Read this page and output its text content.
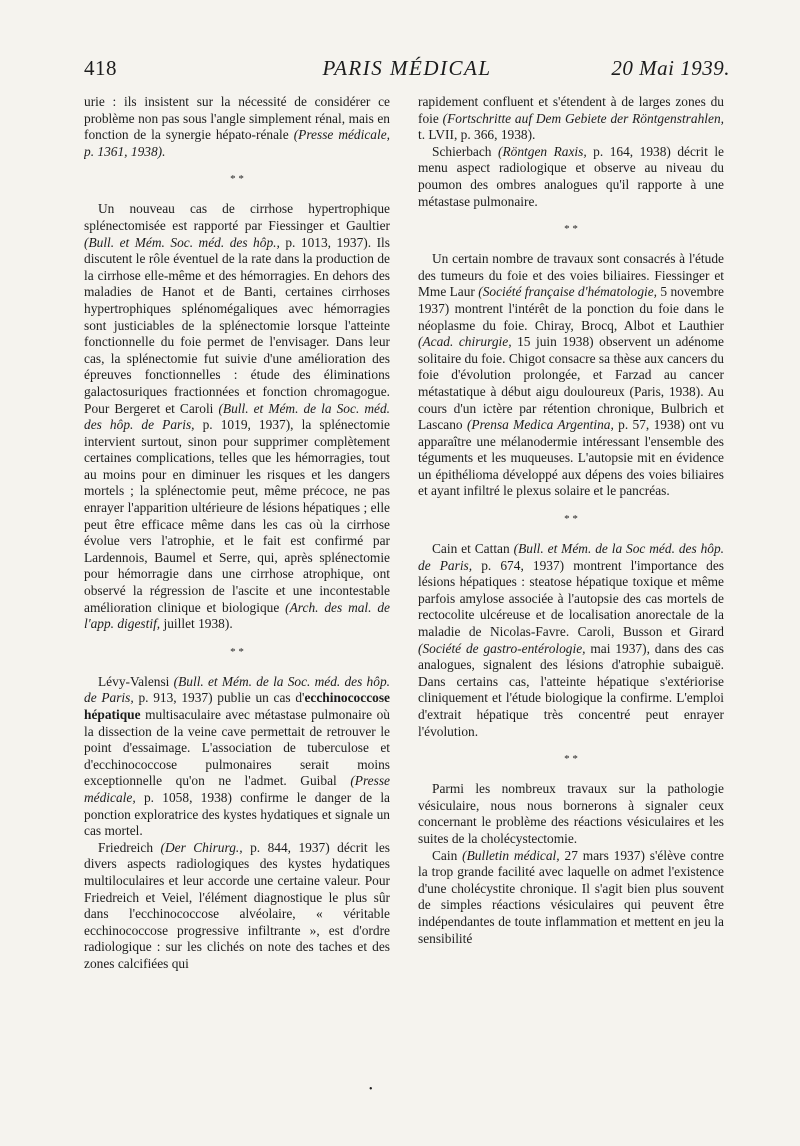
418	PARIS MÉDICAL	20 Mai 1939.

urie : ils insistent sur la nécessité de considérer ce problème non pas sous l'angle simplement rénal, mais en fonction de la synergie hépato-rénale (Presse médicale, p. 1361, 1938).

* *

Un nouveau cas de cirrhose hypertrophique splénectomisée est rapporté par Fiessinger et Gaultier (Bull. et Mém. Soc. méd. des hôp., p. 1013, 1937). Ils discutent le rôle éventuel de la rate dans la production de la cirrhose elle-même et des hémorragies. En dehors des maladies de Hanot et de Banti, certaines cirrhoses hypertrophiques splénomégaliques avec hémorragies sont justiciables de la splénectomie lorsque l'atteinte fonctionnelle du foie permet de l'envisager. Dans leur cas, la splénectomie fut suivie d'une amélioration des épreuves fonctionnelles : étude des éliminations galactosuriques fractionnées et fonction chromagogue. Pour Bergeret et Caroli (Bull. et Mém. de la Soc. méd. des hôp. de Paris, p. 1019, 1937), la splénectomie intervient surtout, sinon pour supprimer complètement certaines complications, telles que les hémorragies, tout au moins pour en diminuer les risques et les dangers mortels ; la splénectomie peut, même précoce, ne pas enrayer l'apparition ultérieure de lésions hépatiques ; elle peut être efficace même dans les cas où la cirrhose évolue vers l'atrophie, et le fait est confirmé par Lardennois, Baumel et Serre, qui, après splénectomie pour hémorragie dans une cirrhose atrophique, ont observé la régression de l'ascite et une incontestable amélioration clinique et biologique (Arch. des mal. de l'app. digestif, juillet 1938).

* *

Lévy-Valensi (Bull. et Mém. de la Soc. méd. des hôp. de Paris, p. 913, 1937) publie un cas d'ecchinococcose hépatique multisaculaire avec métastase pulmonaire où la dissection de la veine cave permettait de retrouver le point d'essaimage. L'association de tuberculose et d'ecchinococcose pulmonaires serait moins exceptionnelle qu'on ne l'admet. Guibal (Presse médicale, p. 1058, 1938) confirme le danger de la ponction exploratrice des kystes hydatiques et signale un cas mortel.

Friedreich (Der Chirurg., p. 844, 1937) décrit les divers aspects radiologiques des kystes hydatiques multiloculaires et leur accorde une certaine valeur. Pour Friedreich et Veiel, l'élément diagnostique le plus sûr dans l'ecchinococcose alvéolaire, « véritable ecchinococcose progressive infiltrante », est d'ordre radiologique : sur les clichés on note des taches et des zones calcifiées qui

rapidement confluent et s'étendent à de larges zones du foie (Fortschritte auf Dem Gebiete der Röntgenstrahlen, t. LVII, p. 366, 1938).

Schierbach (Röntgen Raxis, p. 164, 1938) décrit le menu aspect radiologique et observe au niveau du poumon des ombres analogues qu'il rapporte à une métastase pulmonaire.

* *

Un certain nombre de travaux sont consacrés à l'étude des tumeurs du foie et des voies biliaires. Fiessinger et Mme Laur (Société française d'hématologie, 5 novembre 1937) montrent l'intérêt de la ponction du foie dans le néoplasme du foie. Chiray, Brocq, Albot et Lauthier (Acad. chirurgie, 15 juin 1938) observent un adénome solitaire du foie. Chigot consacre sa thèse aux cancers du foie d'évolution prolongée, et Farzad au cancer métastatique à début aigu douloureux (Paris, 1938). Au cours d'un ictère par rétention chronique, Bulbrich et Lascano (Prensa Medica Argentina, p. 57, 1938) ont vu apparaître une mélanodermie intéressant l'ensemble des téguments et les muqueuses. L'autopsie mit en évidence un épithélioma développé aux dépens des voies biliaires et ayant infiltré le plexus solaire et le pancréas.

* *

Cain et Cattan (Bull. et Mém. de la Soc méd. des hôp. de Paris, p. 674, 1937) montrent l'importance des lésions hépatiques : steatose hépatique toxique et même parfois amylose associée à l'autopsie des cas mortels de rectocolite ulcéreuse et de localisation anorectale de la maladie de Nicolas-Favre. Caroli, Busson et Girard (Société de gastro-entérologie, mai 1937), dans des cas analogues, signalent des lésions d'atrophie subaiguë. Dans certains cas, l'atteinte hépatique s'extériorise cliniquement et l'étude biologique la confirme. L'emploi d'extrait hépatique très concentré peut enrayer l'évolution.

* *

Parmi les nombreux travaux sur la pathologie vésiculaire, nous nous bornerons à signaler ceux concernant le problème des réactions vésiculaires et les suites de la cholécystectomie.

Cain (Bulletin médical, 27 mars 1937) s'élève contre la trop grande facilité avec laquelle on admet l'existence d'une cholécystite chronique. Il s'agit bien plus souvent de simples réactions vésiculaires qui peuvent être indépendantes de toute inflammation et mettent en jeu la sensibilité

•
